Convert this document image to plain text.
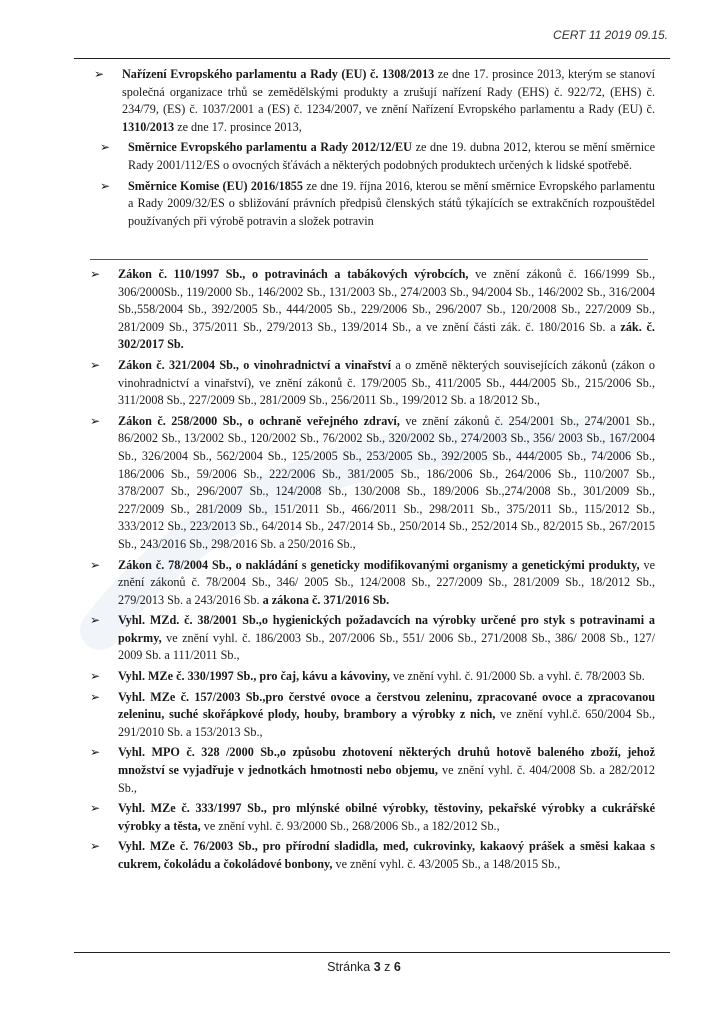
CERT 11 2019 09.15.
➢ Nařízení Evropského parlamentu a Rady (EU) č. 1308/2013 ze dne 17. prosince 2013, kterým se stanoví společná organizace trhů se zemědělskými produkty a zrušují nařízení Rady (EHS) č. 922/72, (EHS) č. 234/79, (ES) č. 1037/2001 a (ES) č. 1234/2007, ve znění Nařízení Evropského parlamentu a Rady (EU) č. 1310/2013 ze dne 17. prosince 2013,
➢ Směrnice Evropského parlamentu a Rady 2012/12/EU ze dne 19. dubna 2012, kterou se mění směrnice Rady 2001/112/ES o ovocných šťávách a některých podobných produktech určených k lidské spotřebě.
➢ Směrnice Komise (EU) 2016/1855 ze dne 19. října 2016, kterou se mění směrnice Evropského parlamentu a Rady 2009/32/ES o sbližování právních předpisů členských států týkajících se extrakčních rozpouštědel používaných při výrobě potravin a složek potravin
➢ Zákon č. 110/1997 Sb., o potravinách a tabákových výrobcích, ve znění zákonů č. 166/1999 Sb., 306/2000Sb., 119/2000 Sb., 146/2002 Sb., 131/2003 Sb., 274/2003 Sb., 94/2004 Sb., 146/2002 Sb., 316/2004 Sb.,558/2004 Sb., 392/2005 Sb., 444/2005 Sb., 229/2006 Sb., 296/2007 Sb., 120/2008 Sb., 227/2009 Sb., 281/2009 Sb., 375/2011 Sb., 279/2013 Sb., 139/2014 Sb., a ve znění části zák. č. 180/2016 Sb. a zák. č. 302/2017 Sb.
➢ Zákon č. 321/2004 Sb., o vinohradnictví a vinařství a o změně některých souvisejících zákonů (zákon o vinohradnictví a vinařství), ve znění zákonů č. 179/2005 Sb., 411/2005 Sb., 444/2005 Sb., 215/2006 Sb., 311/2008 Sb., 227/2009 Sb., 281/2009 Sb., 256/2011 Sb., 199/2012 Sb. a 18/2012 Sb.,
➢ Zákon č. 258/2000 Sb., o ochraně veřejného zdraví, ve znění zákonů č. 254/2001 Sb., 274/2001 Sb., 86/2002 Sb., 13/2002 Sb., 120/2002 Sb., 76/2002 Sb., 320/2002 Sb., 274/2003 Sb., 356/ 2003 Sb., 167/2004 Sb., 326/2004 Sb., 562/2004 Sb., 125/2005 Sb., 253/2005 Sb., 392/2005 Sb., 444/2005 Sb., 74/2006 Sb., 186/2006 Sb., 59/2006 Sb., 222/2006 Sb., 381/2005 Sb., 186/2006 Sb., 264/2006 Sb., 110/2007 Sb., 378/2007 Sb., 296/2007 Sb., 124/2008 Sb., 130/2008 Sb., 189/2006 Sb.,274/2008 Sb., 301/2009 Sb., 227/2009 Sb., 281/2009 Sb., 151/2011 Sb., 466/2011 Sb., 298/2011 Sb., 375/2011 Sb., 115/2012 Sb., 333/2012 Sb., 223/2013 Sb., 64/2014 Sb., 247/2014 Sb., 250/2014 Sb., 252/2014 Sb., 82/2015 Sb., 267/2015 Sb., 243/2016 Sb., 298/2016 Sb. a 250/2016 Sb.,
➢ Zákon č. 78/2004 Sb., o nakládání s geneticky modifikovanými organismy a genetickými produkty, ve znění zákonů č. 78/2004 Sb., 346/ 2005 Sb., 124/2008 Sb., 227/2009 Sb., 281/2009 Sb., 18/2012 Sb., 279/2013 Sb. a 243/2016 Sb. a zákona č. 371/2016 Sb.
➢ Vyhl. MZd. č. 38/2001 Sb.,o hygienických požadavcích na výrobky určené pro styk s potravinami a pokrmy, ve znění vyhl. č. 186/2003 Sb., 207/2006 Sb., 551/ 2006 Sb., 271/2008 Sb., 386/ 2008 Sb., 127/ 2009 Sb. a 111/2011 Sb.,
➢ Vyhl. MZe č. 330/1997 Sb., pro čaj, kávu a kávoviny, ve znění vyhl. č. 91/2000 Sb. a vyhl. č. 78/2003 Sb.
➢ Vyhl. MZe č. 157/2003 Sb.,pro čerstvé ovoce a čerstvou zeleninu, zpracované ovoce a zpracovanou zeleninu, suché skořápkové plody, houby, brambory a výrobky z nich, ve znění vyhl.č. 650/2004 Sb., 291/2010 Sb. a 153/2013 Sb.,
➢ Vyhl. MPO č. 328 /2000 Sb.,o způsobu zhotovení některých druhů hotově baleného zboží, jehož množství se vyjadřuje v jednotkách hmotnosti nebo objemu, ve znění vyhl. č. 404/2008 Sb. a 282/2012 Sb.,
➢ Vyhl. MZe č. 333/1997 Sb., pro mlýnské obilné výrobky, těstoviny, pekařské výrobky a cukrářské výrobky a těsta, ve znění vyhl. č. 93/2000 Sb., 268/2006 Sb., a 182/2012 Sb.,
➢ Vyhl. MZe č. 76/2003 Sb., pro přírodní sladidla, med, cukrovinky, kakaový prášek a směsi kakaa s cukrem, čokoládu a čokoládové bonbony, ve znění vyhl. č. 43/2005 Sb., a 148/2015 Sb.,
Stránka 3 z 6
